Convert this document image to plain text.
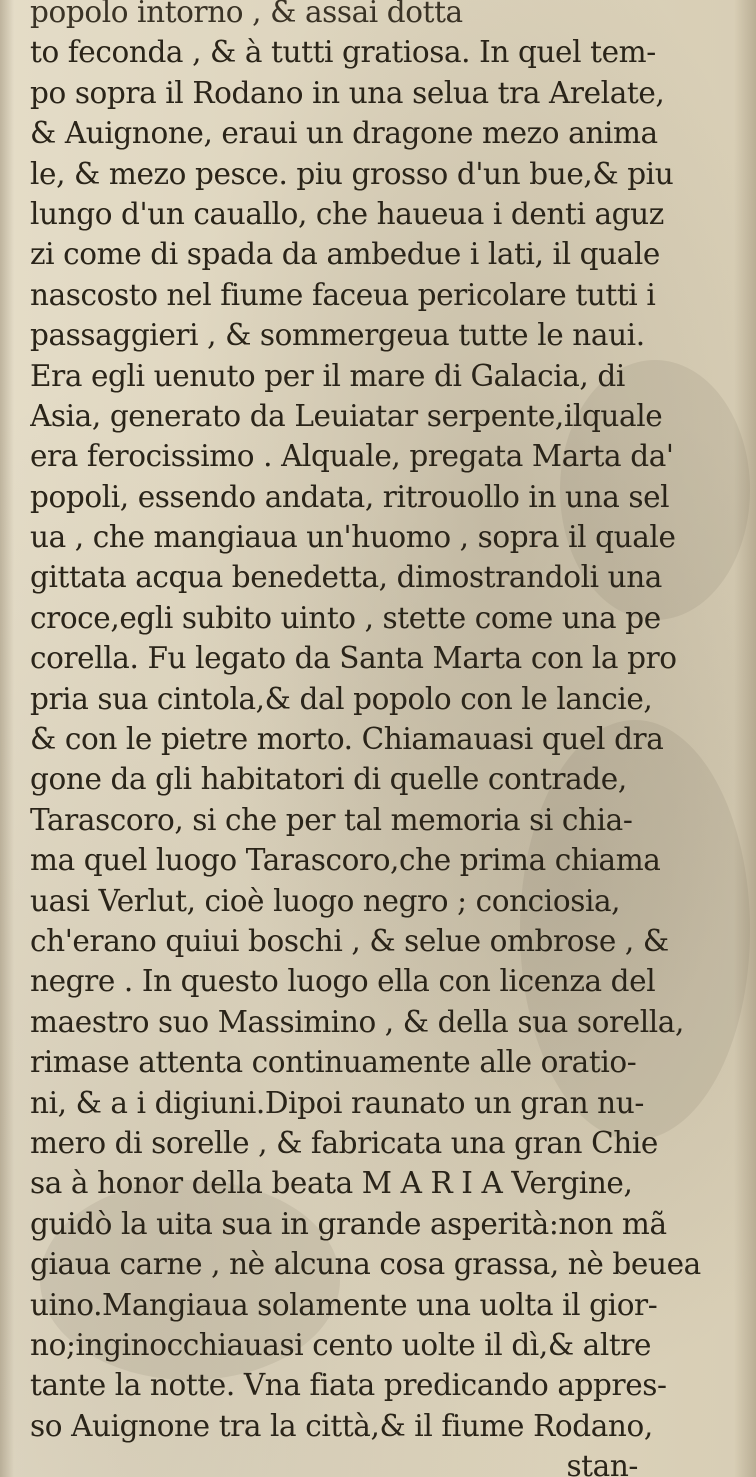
popolo intorno , & assai dotta
to feconda , & à tutti gratiosa. In quel tem-
po sopra il Rodano in una selua tra Arelate,
& Auignone, eraui un dragone mezo anima
le, & mezo pesce. piu grosso d'un bue,& piu
lungo d'un cauallo, che haueua i denti aguz
zi come di spada da ambedue i lati, il quale
nascosto nel fiume faceua pericolare tutti i
passaggieri , & sommergeua tutte le naui.
Era egli uenuto per il mare di Galacia, di
Asia, generato da Leuiatar serpente,ilquale
era ferocissimo . Alquale, pregata Marta da'
popoli, essendo andata, ritrouollo in una sel
ua , che mangiaua un'huomo , sopra il quale
gittata acqua benedetta, dimostrandoli una
croce,egli subito uinto , stette come una pe
corella. Fu legato da Santa Marta con la pro
pria sua cintola,& dal popolo con le lancie,
& con le pietre morto. Chiamauasi quel dra
gone da gli habitatori di quelle contrade,
Tarascoro, si che per tal memoria si chia-
ma quel luogo Tarascoro,che prima chiama
uasi Verlut, cioè luogo negro ; conciosia,
ch'erano quiui boschi , & selue ombrose , &
negre . In questo luogo ella con licenza del
maestro suo Massimino , & della sua sorella,
rimase attenta continuamente alle oratio-
ni, & a i digiuni.Dipoi raunato un gran nu-
mero di sorelle , & fabricata una gran Chie
sa à honor della beata M A R I A Vergine,
guidò la uita sua in grande asperità:non mã
giaua carne , nè alcuna cosa grassa, nè beuea
uino.Mangiaua solamente una uolta il gior-
no;inginocchiauasi cento uolte il dì,& altre
tante la notte. Vna fiata predicando appres-
so Auignone tra la città,& il fiume Rodano,
stan-
